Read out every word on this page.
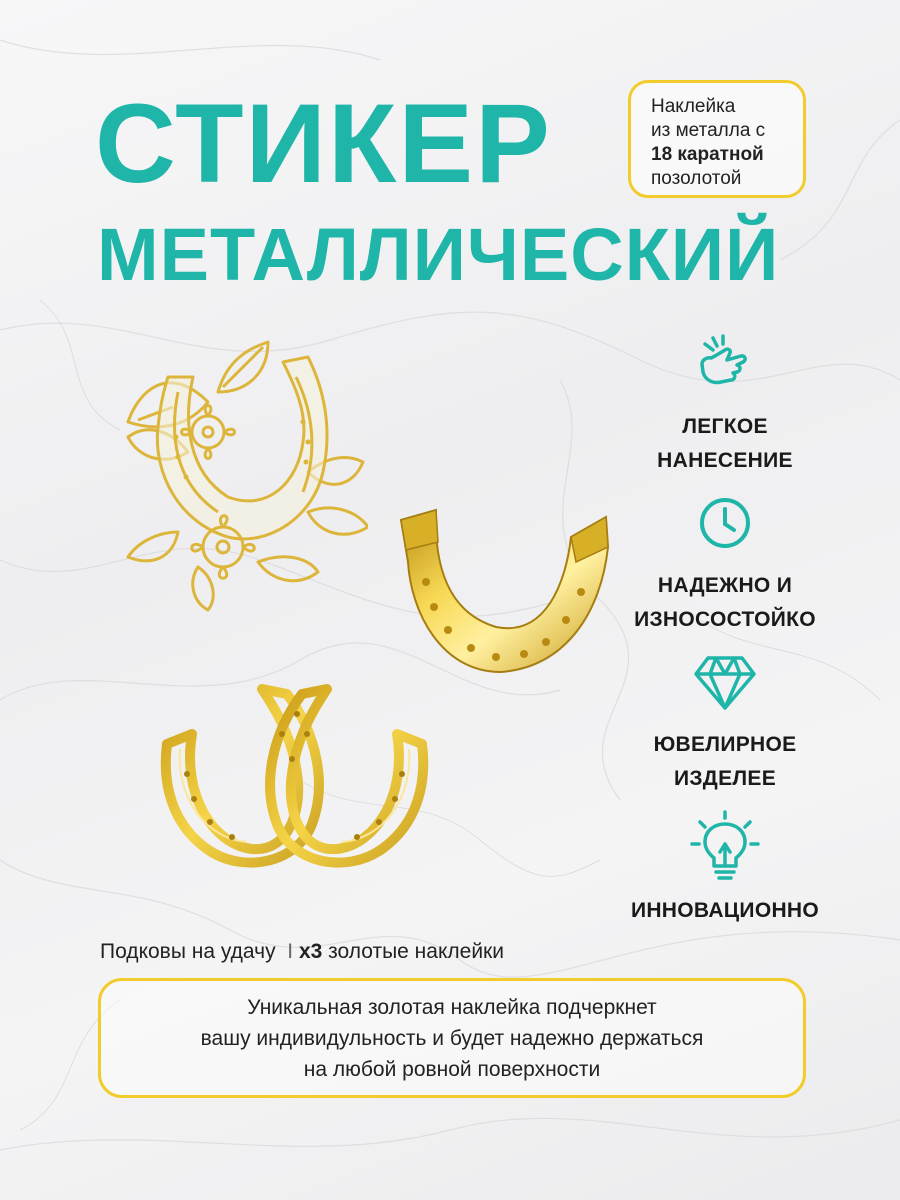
СТИКЕР
МЕТАЛЛИЧЕСКИЙ
Наклейка
из металла с
18 каратной
позолотой
ЛЕГКОЕ
НАНЕСЕНИЕ
НАДЕЖНО И
ИЗНОСОСТОЙКО
ЮВЕЛИРНОЕ
ИЗДЕЛЕЕ
ИННОВАЦИОННО
Подковы на удачу I x3 золотые наклейки
Уникальная золотая наклейка подчеркнет
вашу индивидульность и будет надежно держаться
на любой ровной поверхности
